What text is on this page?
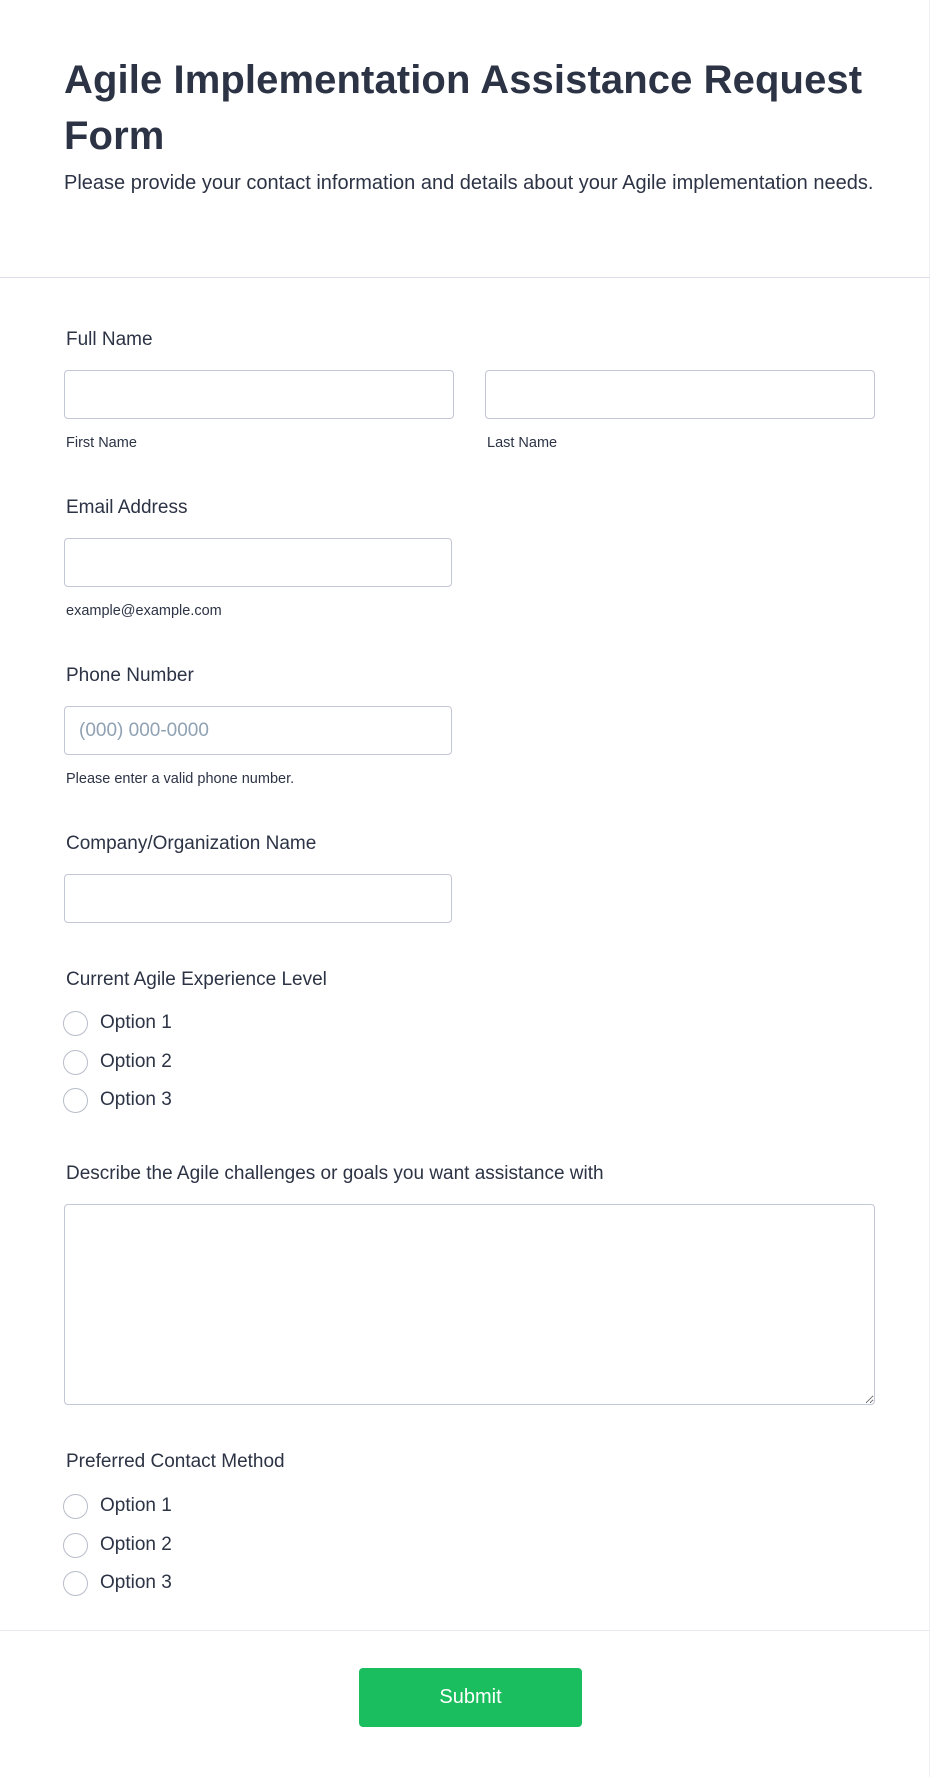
Agile Implementation Assistance Request Form

Please provide your contact information and details about your Agile implementation needs.

Full Name
First Name	Last Name
Email Address
example@example.com
Phone Number
(000) 000-0000
Please enter a valid phone number.
Company/Organization Name
Current Agile Experience Level
Option 1
Option 2
Option 3
Describe the Agile challenges or goals you want assistance with
Preferred Contact Method
Option 1
Option 2
Option 3
Submit
